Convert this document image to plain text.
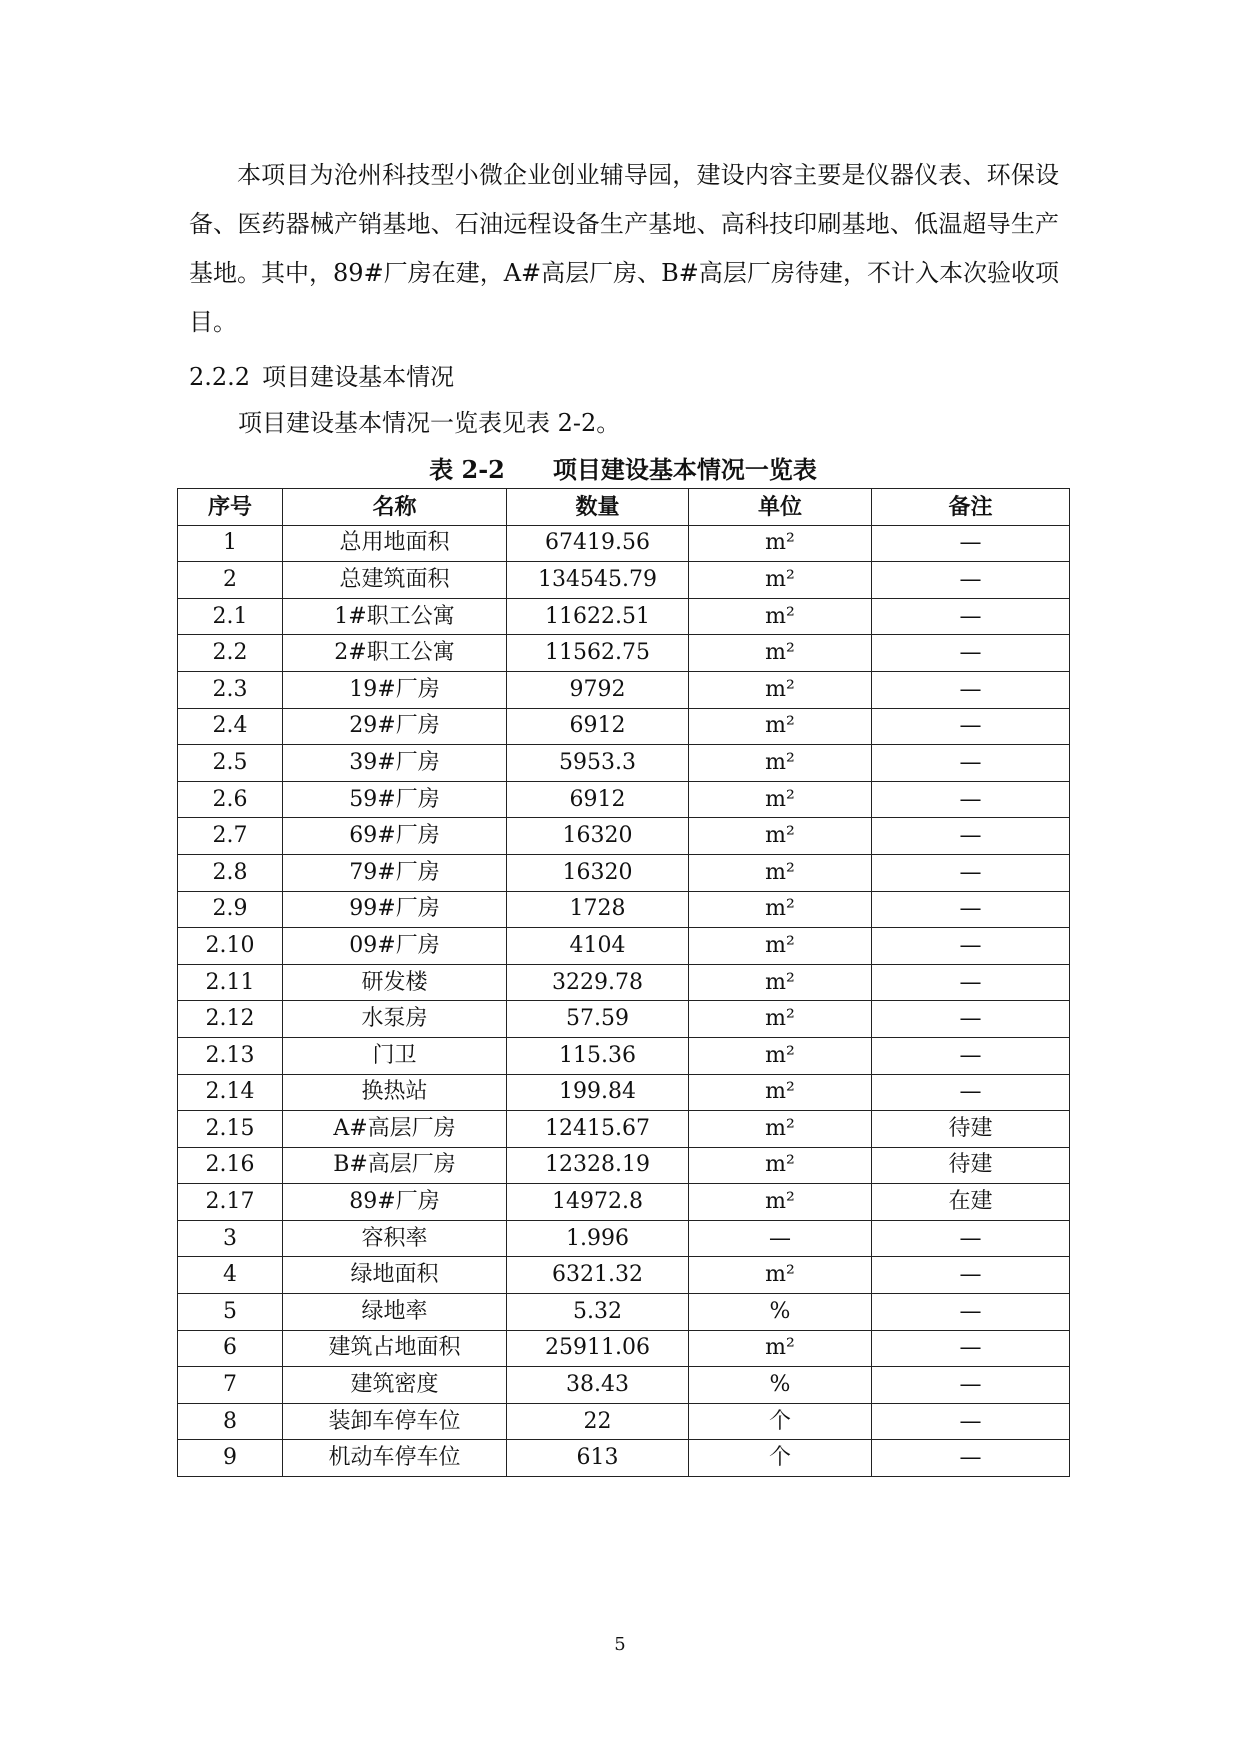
本项目为沧州科技型小微企业创业辅导园，建设内容主要是仪器仪表、环保设备、医药器械产销基地、石油远程设备生产基地、高科技印刷基地、低温超导生产基地。其中，89#厂房在建，A#高层厂房、B#高层厂房待建，不计入本次验收项目。

2.2.2 项目建设基本情况

项目建设基本情况一览表见表 2-2。

表 2-2 项目建设基本情况一览表
序号	名称	数量	单位	备注
1	总用地面积	67419.56	m²	—
2	总建筑面积	134545.79	m²	—
2.1	1#职工公寓	11622.51	m²	—
2.2	2#职工公寓	11562.75	m²	—
2.3	19#厂房	9792	m²	—
2.4	29#厂房	6912	m²	—
2.5	39#厂房	5953.3	m²	—
2.6	59#厂房	6912	m²	—
2.7	69#厂房	16320	m²	—
2.8	79#厂房	16320	m²	—
2.9	99#厂房	1728	m²	—
2.10	09#厂房	4104	m²	—
2.11	研发楼	3229.78	m²	—
2.12	水泵房	57.59	m²	—
2.13	门卫	115.36	m²	—
2.14	换热站	199.84	m²	—
2.15	A#高层厂房	12415.67	m²	待建
2.16	B#高层厂房	12328.19	m²	待建
2.17	89#厂房	14972.8	m²	在建
3	容积率	1.996	—	—
4	绿地面积	6321.32	m²	—
5	绿地率	5.32	%	—
6	建筑占地面积	25911.06	m²	—
7	建筑密度	38.43	%	—
8	装卸车停车位	22	个	—
9	机动车停车位	613	个	—
5
